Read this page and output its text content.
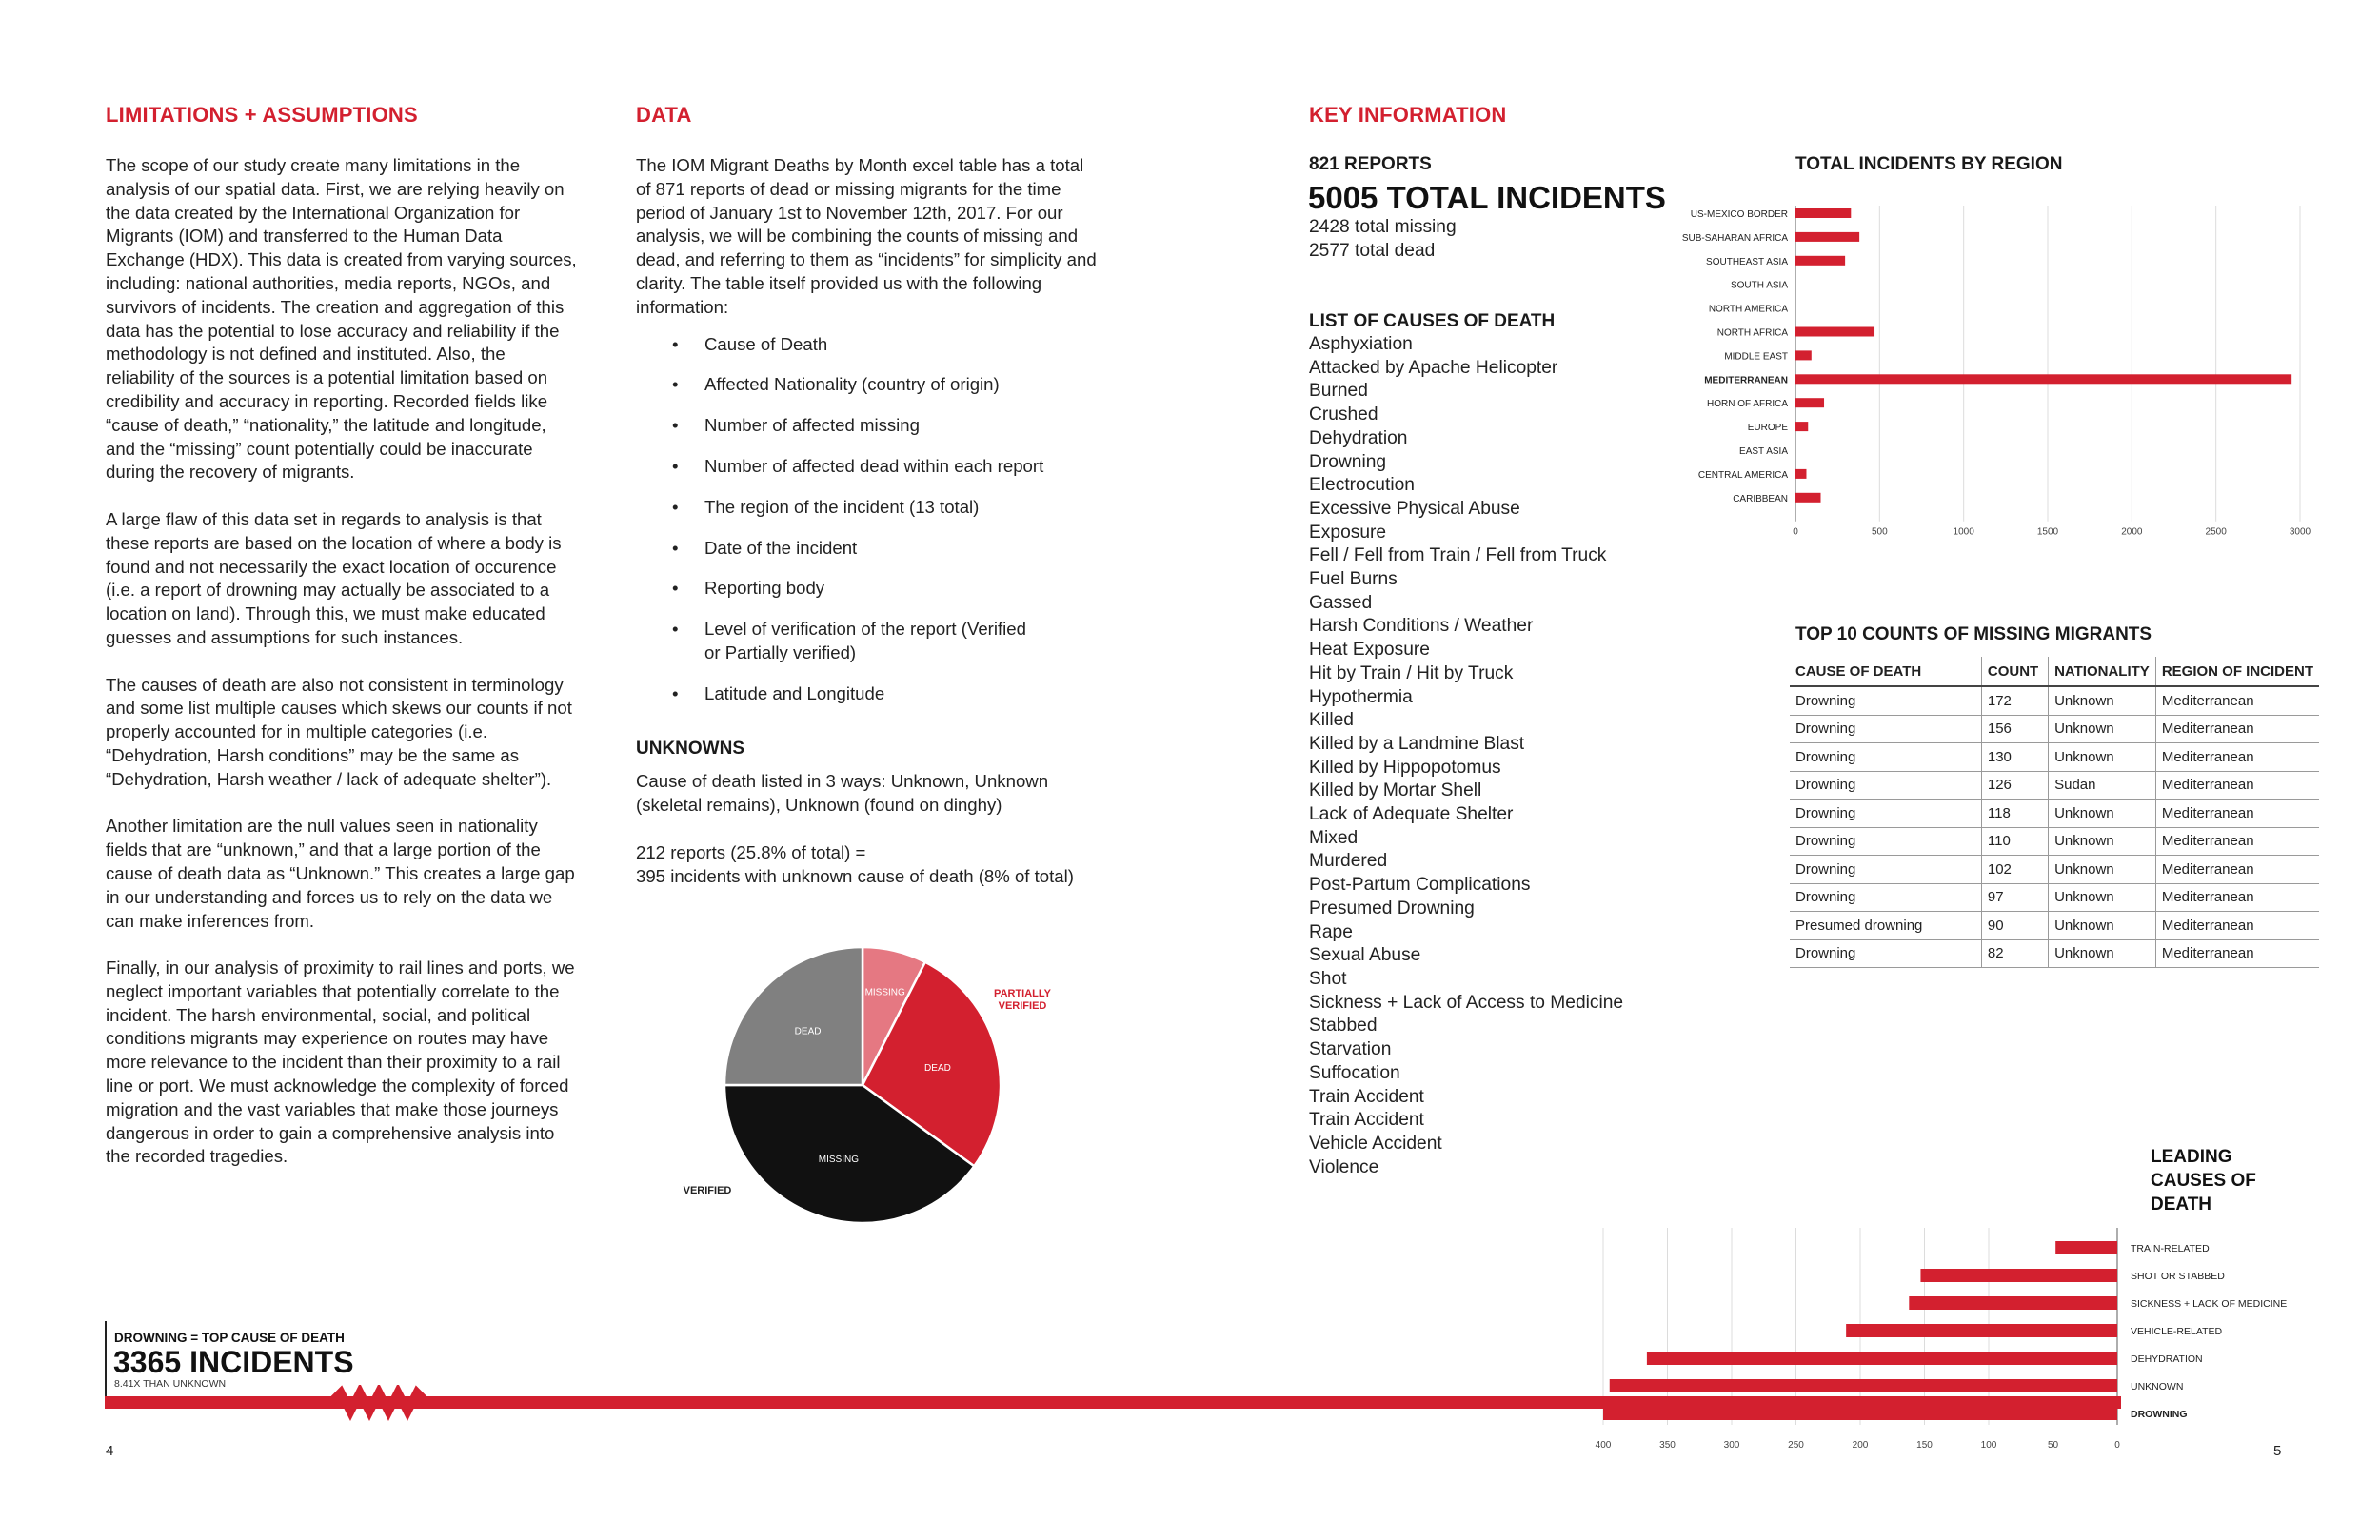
LIMITATIONS + ASSUMPTIONS

The scope of our study create many limitations in the analysis of our spatial data. First, we are relying heavily on the data created by the International Organization for Migrants (IOM) and transferred to the Human Data Exchange (HDX). This data is created from varying sources, including: national authorities, media reports, NGOs, and survivors of incidents. The creation and aggregation of this data has the potential to lose accuracy and reliability if the methodology is not defined and instituted. Also, the reliability of the sources is a potential limitation based on credibility and accuracy in reporting. Recorded fields like “cause of death,” “nationality,” the latitude and longitude, and the “missing” count potentially could be inaccurate during the recovery of migrants.

A large flaw of this data set in regards to analysis is that these reports are based on the location of where a body is found and not necessarily the exact location of occurence (i.e. a report of drowning may actually be associated to a location on land). Through this, we must make educated guesses and assumptions for such instances.

The causes of death are also not consistent in terminology and some list multiple causes which skews our counts if not properly accounted for in multiple categories (i.e. “Dehydration, Harsh conditions” may be the same as “Dehydration, Harsh weather / lack of adequate shelter”).

Another limitation are the null values seen in nationality fields that are “unknown,” and that a large portion of the cause of death data as “Unknown.” This creates a large gap in our understanding and forces us to rely on the data we can make inferences from.

Finally, in our analysis of proximity to rail lines and ports, we neglect important variables that potentially correlate to the incident. The harsh environmental, social, and political conditions migrants may experience on routes may have more relevance to the incident than their proximity to a rail line or port. We must acknowledge the complexity of forced migration and the vast variables that make those journeys dangerous in order to gain a comprehensive analysis into the recorded tragedies.

DATA

The IOM Migrant Deaths by Month excel table has a total of 871 reports of dead or missing migrants for the time period of January 1st to November 12th, 2017. For our analysis, we will be combining the counts of missing and dead, and referring to them as “incidents” for simplicity and clarity. The table itself provided us with the following information:

• Cause of Death
• Affected Nationality (country of origin)
• Number of affected missing
• Number of affected dead within each report
• The region of the incident (13 total)
• Date of the incident
• Reporting body
• Level of verification of the report (Verified or Partially verified)
• Latitude and Longitude
UNKNOWNS
Cause of death listed in 3 ways: Unknown, Unknown (skeletal remains), Unknown (found on dinghy)
212 reports (25.8% of total) =
395 incidents with unknown cause of death (8% of total)
MISSING
DEAD
MISSING
DEAD
PARTIALLY
VERIFIED
VERIFIED
KEY INFORMATION
821 REPORTS
5005 TOTAL INCIDENTS
2428 total missing
2577 total dead
LIST OF CAUSES OF DEATH
Asphyxiation
Attacked by Apache Helicopter
Burned
Crushed
Dehydration
Drowning
Electrocution
Excessive Physical Abuse
Exposure
Fell / Fell from Train / Fell from Truck
Fuel Burns
Gassed
Harsh Conditions / Weather
Heat Exposure
Hit by Train / Hit by Truck
Hypothermia
Killed
Killed by a Landmine Blast
Killed by Hippopotomus
Killed by Mortar Shell
Lack of Adequate Shelter
Mixed
Murdered
Post-Partum Complications
Presumed Drowning
Rape
Sexual Abuse
Shot
Sickness + Lack of Access to Medicine
Stabbed
Starvation
Suffocation
Train Accident
Train Accident
Vehicle Accident
Violence
TOTAL INCIDENTS BY REGION
0	500	1000	1500	2000	2500	3000
US-MEXICO BORDER
SUB-SAHARAN AFRICA
SOUTHEAST ASIA
SOUTH ASIA
NORTH AMERICA
NORTH AFRICA
MIDDLE EAST
MEDITERRANEAN
HORN OF AFRICA
EUROPE
EAST ASIA
CENTRAL AMERICA
CARIBBEAN
TOP 10 COUNTS OF MISSING MIGRANTS
CAUSE OF DEATH	COUNT	NATIONALITY	REGION OF INCIDENT
Drowning	172	Unknown	Mediterranean
Drowning	156	Unknown	Mediterranean
Drowning	130	Unknown	Mediterranean
Drowning	126	Sudan	Mediterranean
Drowning	118	Unknown	Mediterranean
Drowning	110	Unknown	Mediterranean
Drowning	102	Unknown	Mediterranean
Drowning	97	Unknown	Mediterranean
Presumed drowning	90	Unknown	Mediterranean
Drowning	82	Unknown	Mediterranean
LEADING CAUSES OF DEATH
400	350	300	250	200	150	100	50	0
TRAIN-RELATED
SHOT OR STABBED
SICKNESS + LACK OF MEDICINE
VEHICLE-RELATED
DEHYDRATION
UNKNOWN
DROWNING
DROWNING = TOP CAUSE OF DEATH
3365 INCIDENTS
8.41X THAN UNKNOWN
4	5
